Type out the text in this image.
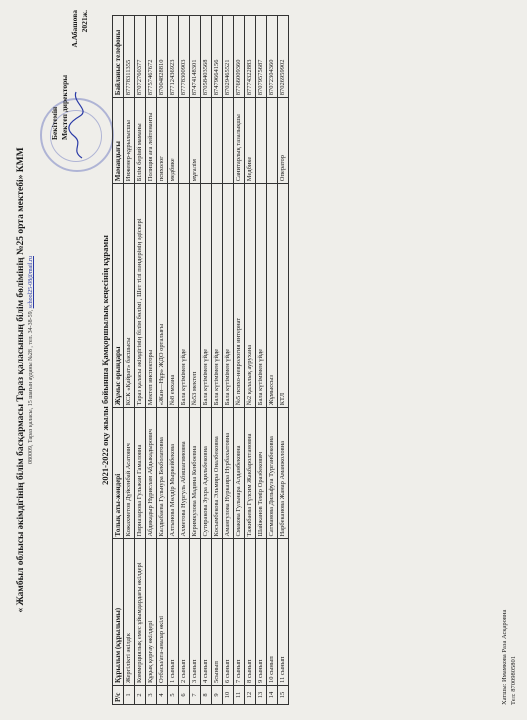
« Жамбыл облысы әкімдігінің білім басқармасы Тараз қаласының білім бөлімінің №25 орта мектебі» КММ 080009, Тараз қаласы, 15 шағын ауданы №28 , тел. 34-38-59, school25-08@mail.ru
Бекітемін Мектеп директоры
А.Абашова 2021ж.
2021-2022 оқу жылы бойынша Қамқоршылық кеңесінің құрамы
Р/с	Құрылым (құрылымы)	Толық аты-жөндері	Жұмыс орындары	Мамандығы	Байланыс телефоны
1	Жергілікті әкілдік	Кожахметов Дүйсенбай Асатович	КСК «Қайрат» басшысы	Инженер-құрылысшы	87778311355
2	Коммерциялық емес ұйымдардағы өкілдері	Пирназарова Гульжан Гамаловна	Тараз қаласы әкімдігінің білім бөлімі , Шет тілі пәндерінің әдіскері	Білім беріий маманы	87072760377
3	Құқық қорғау өкілдері	Абдикадыр Нұрислам Абдыкадырович	Мектеп инспекторы	Полиция аға лейтенанты	87757467672
4	Отбасы/ата-аналар өкілі	Калдыбаева Гульнура Бекболатовна	«Жан—Нұр» ЖДО орталығы	психолог	87004828810
5	1 сынып	Алтынова Мөлдір Мыркейбекова	№8 емхана	медбике	87712436923
6	2 сынып	Ахметова Нургуль Абишагимовна	Бала күтімімен үйде		87778300903
7	3 сынып	Керимкулова Мадина Кенбоевна	№53 мектеп	мұғалім	87474148301
8	4 сынып	Сутиракова Зухра Адильбековна	Бала күтімімен үйде		87058403568
9	5сынып	Косымбекова Эльмира Оналбековна	Бала күтімімен үйде		87479664156
10	6 сынып	Амангулова Нуркаира Нурбахытовна	Бала күтімімен үйде		87029465521
11	7 сынып	Смакова Гульнара Алданбековна	№5 психо-неврология интернат	Санитарлық тазалықшы	87766009360
12	8 сынып	Тажибаева Гүлсим Жакбаролтановна	№2 қалалық аурухана	Медбике	87774322883
13	9 сынып	Шайжанов Темір Оразбекович	Бала күтімімен үйде		87079575687
14	10 сынып	Сатманова Дильфуза Турганбековна	Жұмыссыз		87072304360
15	11 сынып	Нарбеканова Жанар Аманжоловна	КТЛ	Оператор	87026959902
Хатшы: Имамкова Раза Асқаровна Тел: 87009805801
